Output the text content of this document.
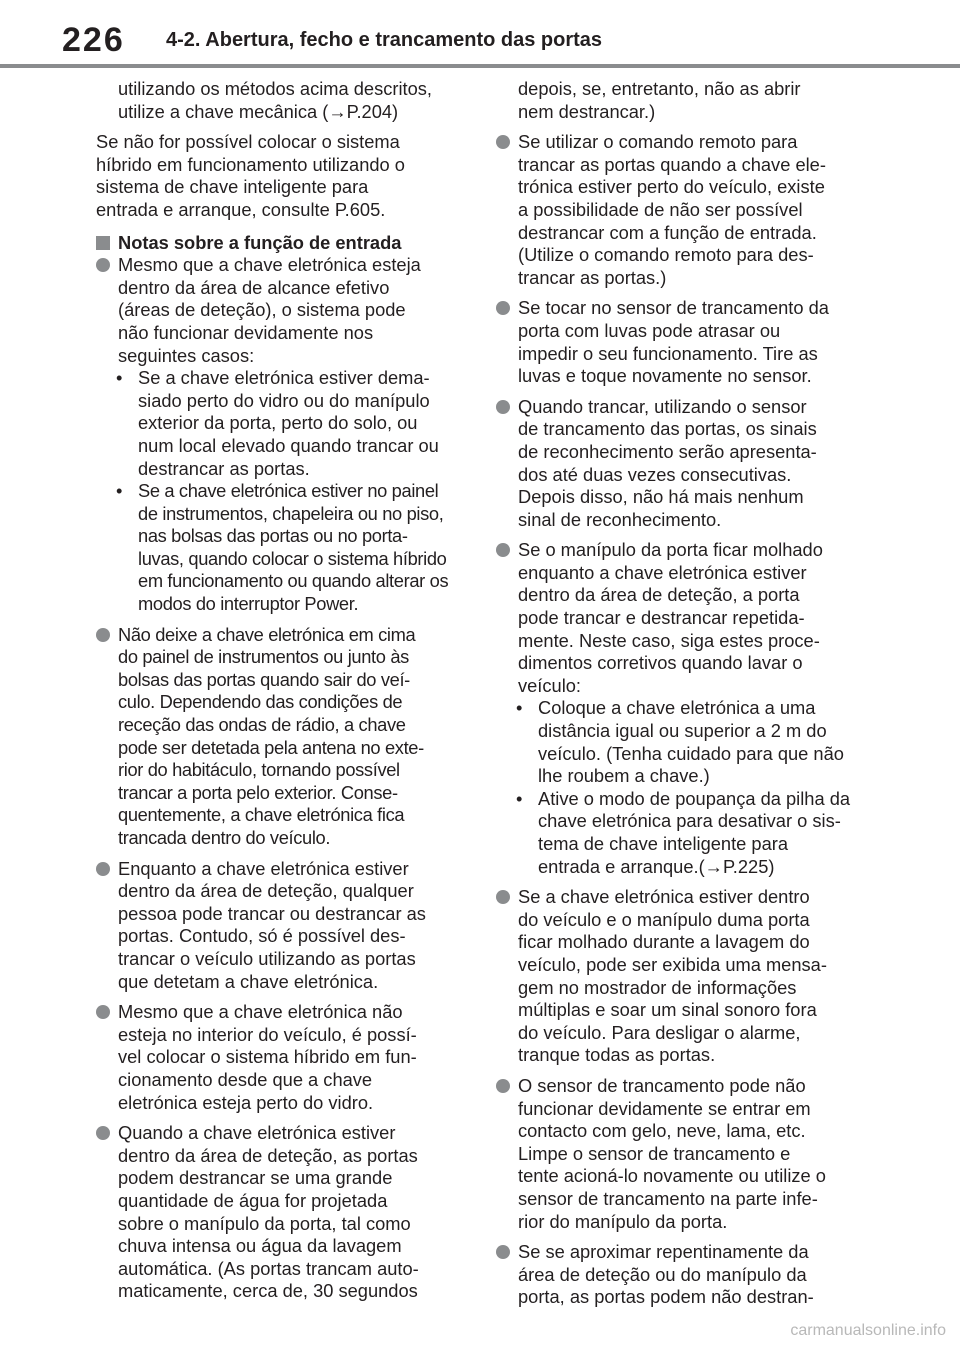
226 4-2. Abertura, fecho e trancamento das portas

utilizando os métodos acima descritos,
utilize a chave mecânica (→P.204)

Se não for possível colocar o sistema
híbrido em funcionamento utilizando o
sistema de chave inteligente para
entrada e arranque, consulte P.605.

Notas sobre a função de entrada

Mesmo que a chave eletrónica esteja
dentro da área de alcance efetivo
(áreas de deteção), o sistema pode
não funcionar devidamente nos
seguintes casos:

• Se a chave eletrónica estiver dema-
siado perto do vidro ou do manípulo
exterior da porta, perto do solo, ou
num local elevado quando trancar ou
destrancar as portas.

• Se a chave eletrónica estiver no painel
de instrumentos, chapeleira ou no piso,
nas bolsas das portas ou no porta-
luvas, quando colocar o sistema híbrido
em funcionamento ou quando alterar os
modos do interruptor Power.

Não deixe a chave eletrónica em cima
do painel de instrumentos ou junto às
bolsas das portas quando sair do veí-
culo. Dependendo das condições de
receção das ondas de rádio, a chave
pode ser detetada pela antena no exte-
rior do habitáculo, tornando possível
trancar a porta pelo exterior. Conse-
quentemente, a chave eletrónica fica
trancada dentro do veículo.

Enquanto a chave eletrónica estiver
dentro da área de deteção, qualquer
pessoa pode trancar ou destrancar as
portas. Contudo, só é possível des-
trancar o veículo utilizando as portas
que detetam a chave eletrónica.

Mesmo que a chave eletrónica não
esteja no interior do veículo, é possí-
vel colocar o sistema híbrido em fun-
cionamento desde que a chave
eletrónica esteja perto do vidro.

Quando a chave eletrónica estiver
dentro da área de deteção, as portas
podem destrancar se uma grande
quantidade de água for projetada
sobre o manípulo da porta, tal como
chuva intensa ou água da lavagem
automática. (As portas trancam auto-
maticamente, cerca de, 30 segundos

depois, se, entretanto, não as abrir
nem destrancar.)

Se utilizar o comando remoto para
trancar as portas quando a chave ele-
trónica estiver perto do veículo, existe
a possibilidade de não ser possível
destrancar com a função de entrada.
(Utilize o comando remoto para des-
trancar as portas.)

Se tocar no sensor de trancamento da
porta com luvas pode atrasar ou
impedir o seu funcionamento. Tire as
luvas e toque novamente no sensor.

Quando trancar, utilizando o sensor
de trancamento das portas, os sinais
de reconhecimento serão apresenta-
dos até duas vezes consecutivas.
Depois disso, não há mais nenhum
sinal de reconhecimento.

Se o manípulo da porta ficar molhado
enquanto a chave eletrónica estiver
dentro da área de deteção, a porta
pode trancar e destrancar repetida-
mente. Neste caso, siga estes proce-
dimentos corretivos quando lavar o
veículo:

• Coloque a chave eletrónica a uma
distância igual ou superior a 2 m do
veículo. (Tenha cuidado para que não
lhe roubem a chave.)

• Ative o modo de poupança da pilha da
chave eletrónica para desativar o sis-
tema de chave inteligente para
entrada e arranque.(→P.225)

Se a chave eletrónica estiver dentro
do veículo e o manípulo duma porta
ficar molhado durante a lavagem do
veículo, pode ser exibida uma mensa-
gem no mostrador de informações
múltiplas e soar um sinal sonoro fora
do veículo. Para desligar o alarme,
tranque todas as portas.

O sensor de trancamento pode não
funcionar devidamente se entrar em
contacto com gelo, neve, lama, etc.
Limpe o sensor de trancamento e
tente acioná-lo novamente ou utilize o
sensor de trancamento na parte infe-
rior do manípulo da porta.

Se se aproximar repentinamente da
área de deteção ou do manípulo da
porta, as portas podem não destran-

carmanualsonline.info
